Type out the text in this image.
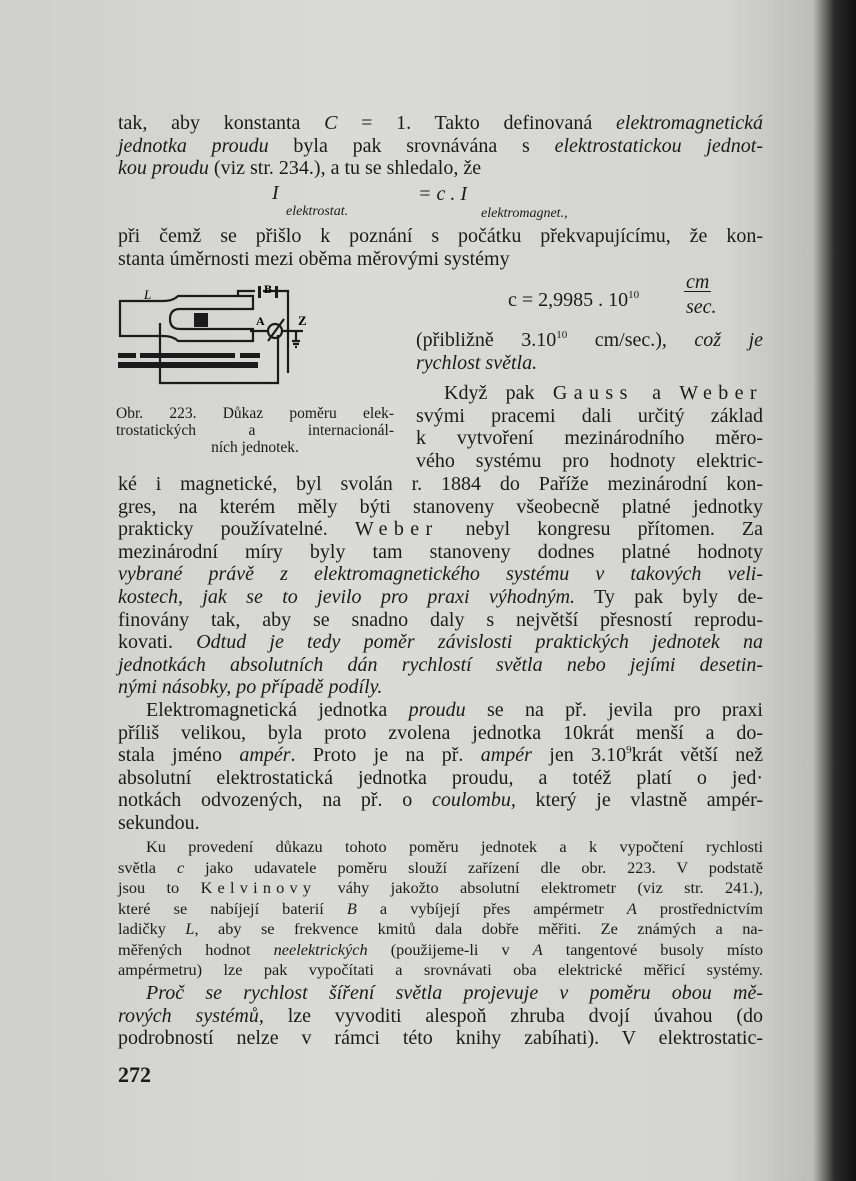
tak, aby konstanta C = 1. Takto definovaná elektromagnetická
jednotka proudu byla pak srovnávána s elektrostatickou jednot-
kou proudu (viz str. 234.), a tu se shledalo, že
I
elektrostat.
= c . I
elektromagnet.,
při čemž se přišlo k poznání s počátku překvapujícímu, že kon-
stanta úměrnosti mezi oběma měrovými systémy
c = 2,9985 . $10^{10}$
cm
sec.
L	B
A	Z
Obr. 223. Důkaz poměru elek-
trostatických a internacionál-
ních jednotek.
(přibližně 3.10$^{10}$ cm/sec.), což je
rychlost světla.
Když pak Gauss a Weber
svými pracemi dali určitý základ
k vytvoření mezinárodního měro-
vého systému pro hodnoty elektric-
ké i magnetické, byl svolán r. 1884 do Paříže mezinárodní kon-
gres, na kterém měly býti stanoveny všeobecně platné jednotky
prakticky používatelné. Weber nebyl kongresu přítomen. Za
mezinárodní míry byly tam stanoveny dodnes platné hodnoty
vybrané právě z elektromagnetického systému v takových veli-
kostech, jak se to jevilo pro praxi výhodným. Ty pak byly de-
finovány tak, aby se snadno daly s největší přesností reprodu-
kovati. Odtud je tedy poměr závislosti praktických jednotek na
jednotkách absolutních dán rychlostí světla nebo jejími desetin-
nými násobky, po případě podíly.
Elektromagnetická jednotka proudu se na př. jevila pro praxi
příliš velikou, byla proto zvolena jednotka 10krát menší a do-
stala jméno ampér. Proto je na př. ampér jen 3.10$^9$krát větší než
absolutní elektrostatická jednotka proudu, a totéž platí o jed·
notkách odvozených, na př. o coulombu, který je vlastně ampér-
sekundou.
Ku provedení důkazu tohoto poměru jednotek a k vypočtení rychlosti
světla c jako udavatele poměru slouží zařízení dle obr. 223. V podstatě
jsou to Kelvinovy váhy jakožto absolutní elektrometr (viz str. 241.),
které se nabíjejí baterií B a vybíjejí přes ampérmetr A prostřednictvím
ladičky L, aby se frekvence kmitů dala dobře měřiti. Ze známých a na-
měřených hodnot neelektrických (použijeme-li v A tangentové busoly místo
ampérmetru) lze pak vypočítati a srovnávati oba elektrické měřicí systémy.
Proč se rychlost šíření světla projevuje v poměru obou mě-
rových systémů, lze vyvoditi alespoň zhruba dvojí úvahou (do
podrobností nelze v rámci této knihy zabíhati). V elektrostatic-
272
